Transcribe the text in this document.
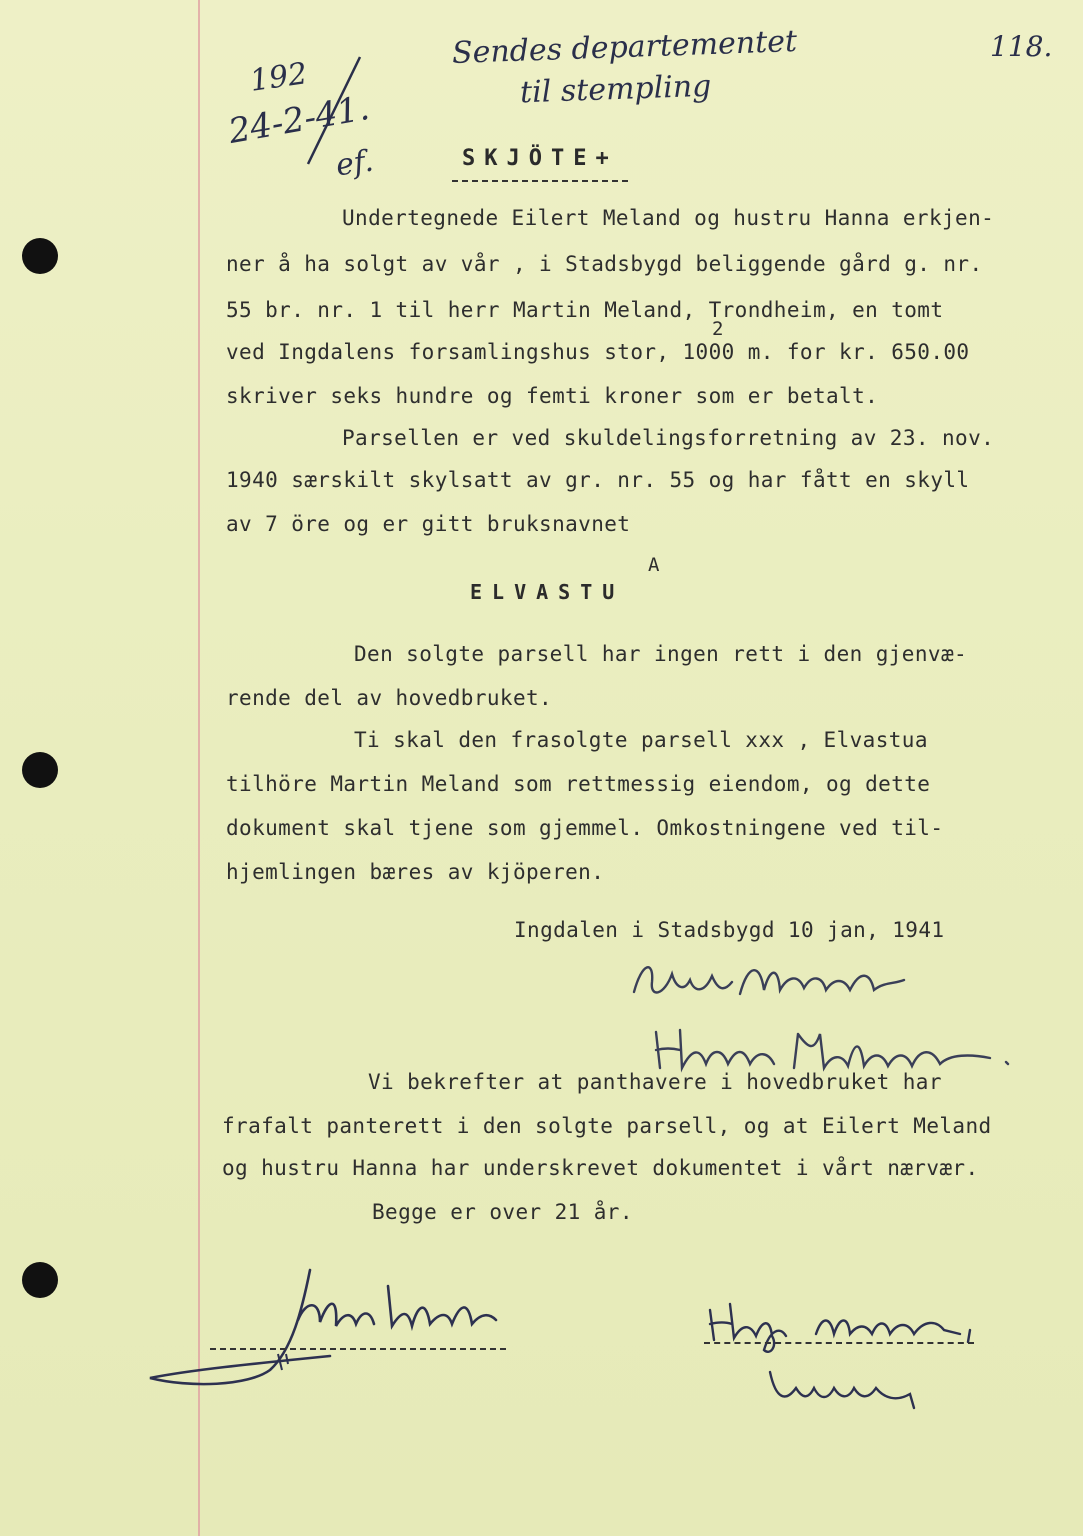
Sendes departementet
til stempling
118.
192
24-2-41.
ef.	SKJÖTE+
Undertegnede Eilert Meland og hustru Hanna erkjen-
ner å ha solgt av vår , i Stadsbygd beliggende gård g. nr.
55 br. nr. 1 til herr Martin Meland, Trondheim, en tomt
2
ved Ingdalens forsamlingshus stor, 1000 m. for kr. 650.00
skriver seks hundre og femti kroner som er betalt.
Parsellen er ved skuldelingsforretning av 23. nov.
1940 særskilt skylsatt av gr. nr. 55 og har fått en skyll
av 7 öre og er gitt bruksnavnet
A
ELVASTU
Den solgte parsell har ingen rett i den gjenvæ-
rende del av hovedbruket.
Ti skal den frasolgte parsell xxx , Elvastua
tilhöre Martin Meland som rettmessig eiendom, og dette
dokument skal tjene som gjemmel. Omkostningene ved til-
hjemlingen bæres av kjöperen.
Ingdalen i Stadsbygd 10 jan, 1941
Vi bekrefter at panthavere i hovedbruket har
frafalt panterett i den solgte parsell, og at Eilert Meland
og hustru Hanna har underskrevet dokumentet i vårt nærvær.
Begge er over 21 år.
